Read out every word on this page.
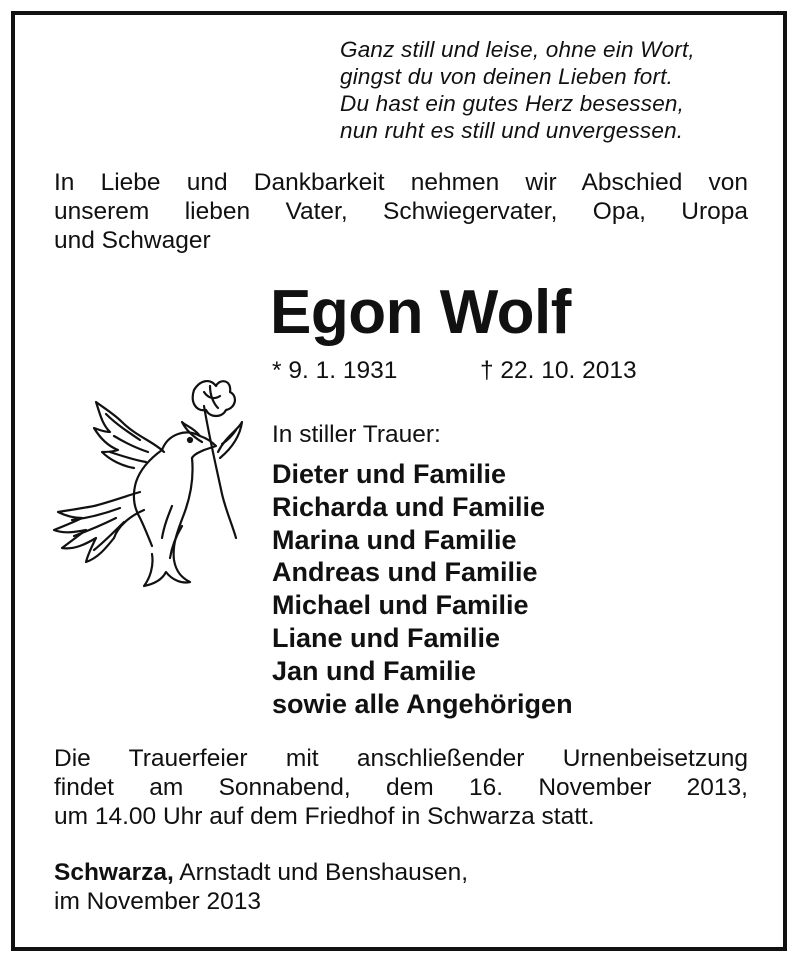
Ganz still und leise, ohne ein Wort,
gingst du von deinen Lieben fort.
Du hast ein gutes Herz besessen,
nun ruht es still und unvergessen.
In Liebe und Dankbarkeit nehmen wir Abschied von
unserem lieben Vater, Schwiegervater, Opa, Uropa
und Schwager
Egon Wolf
* 9. 1. 1931	† 22. 10. 2013
In stiller Trauer:
Dieter und Familie
Richarda und Familie
Marina und Familie
Andreas und Familie
Michael und Familie
Liane und Familie
Jan und Familie
sowie alle Angehörigen
Die Trauerfeier mit anschließender Urnenbeisetzung
findet am Sonnabend, dem 16. November 2013,
um 14.00 Uhr auf dem Friedhof in Schwarza statt.
Schwarza, Arnstadt und Benshausen,
im November 2013
